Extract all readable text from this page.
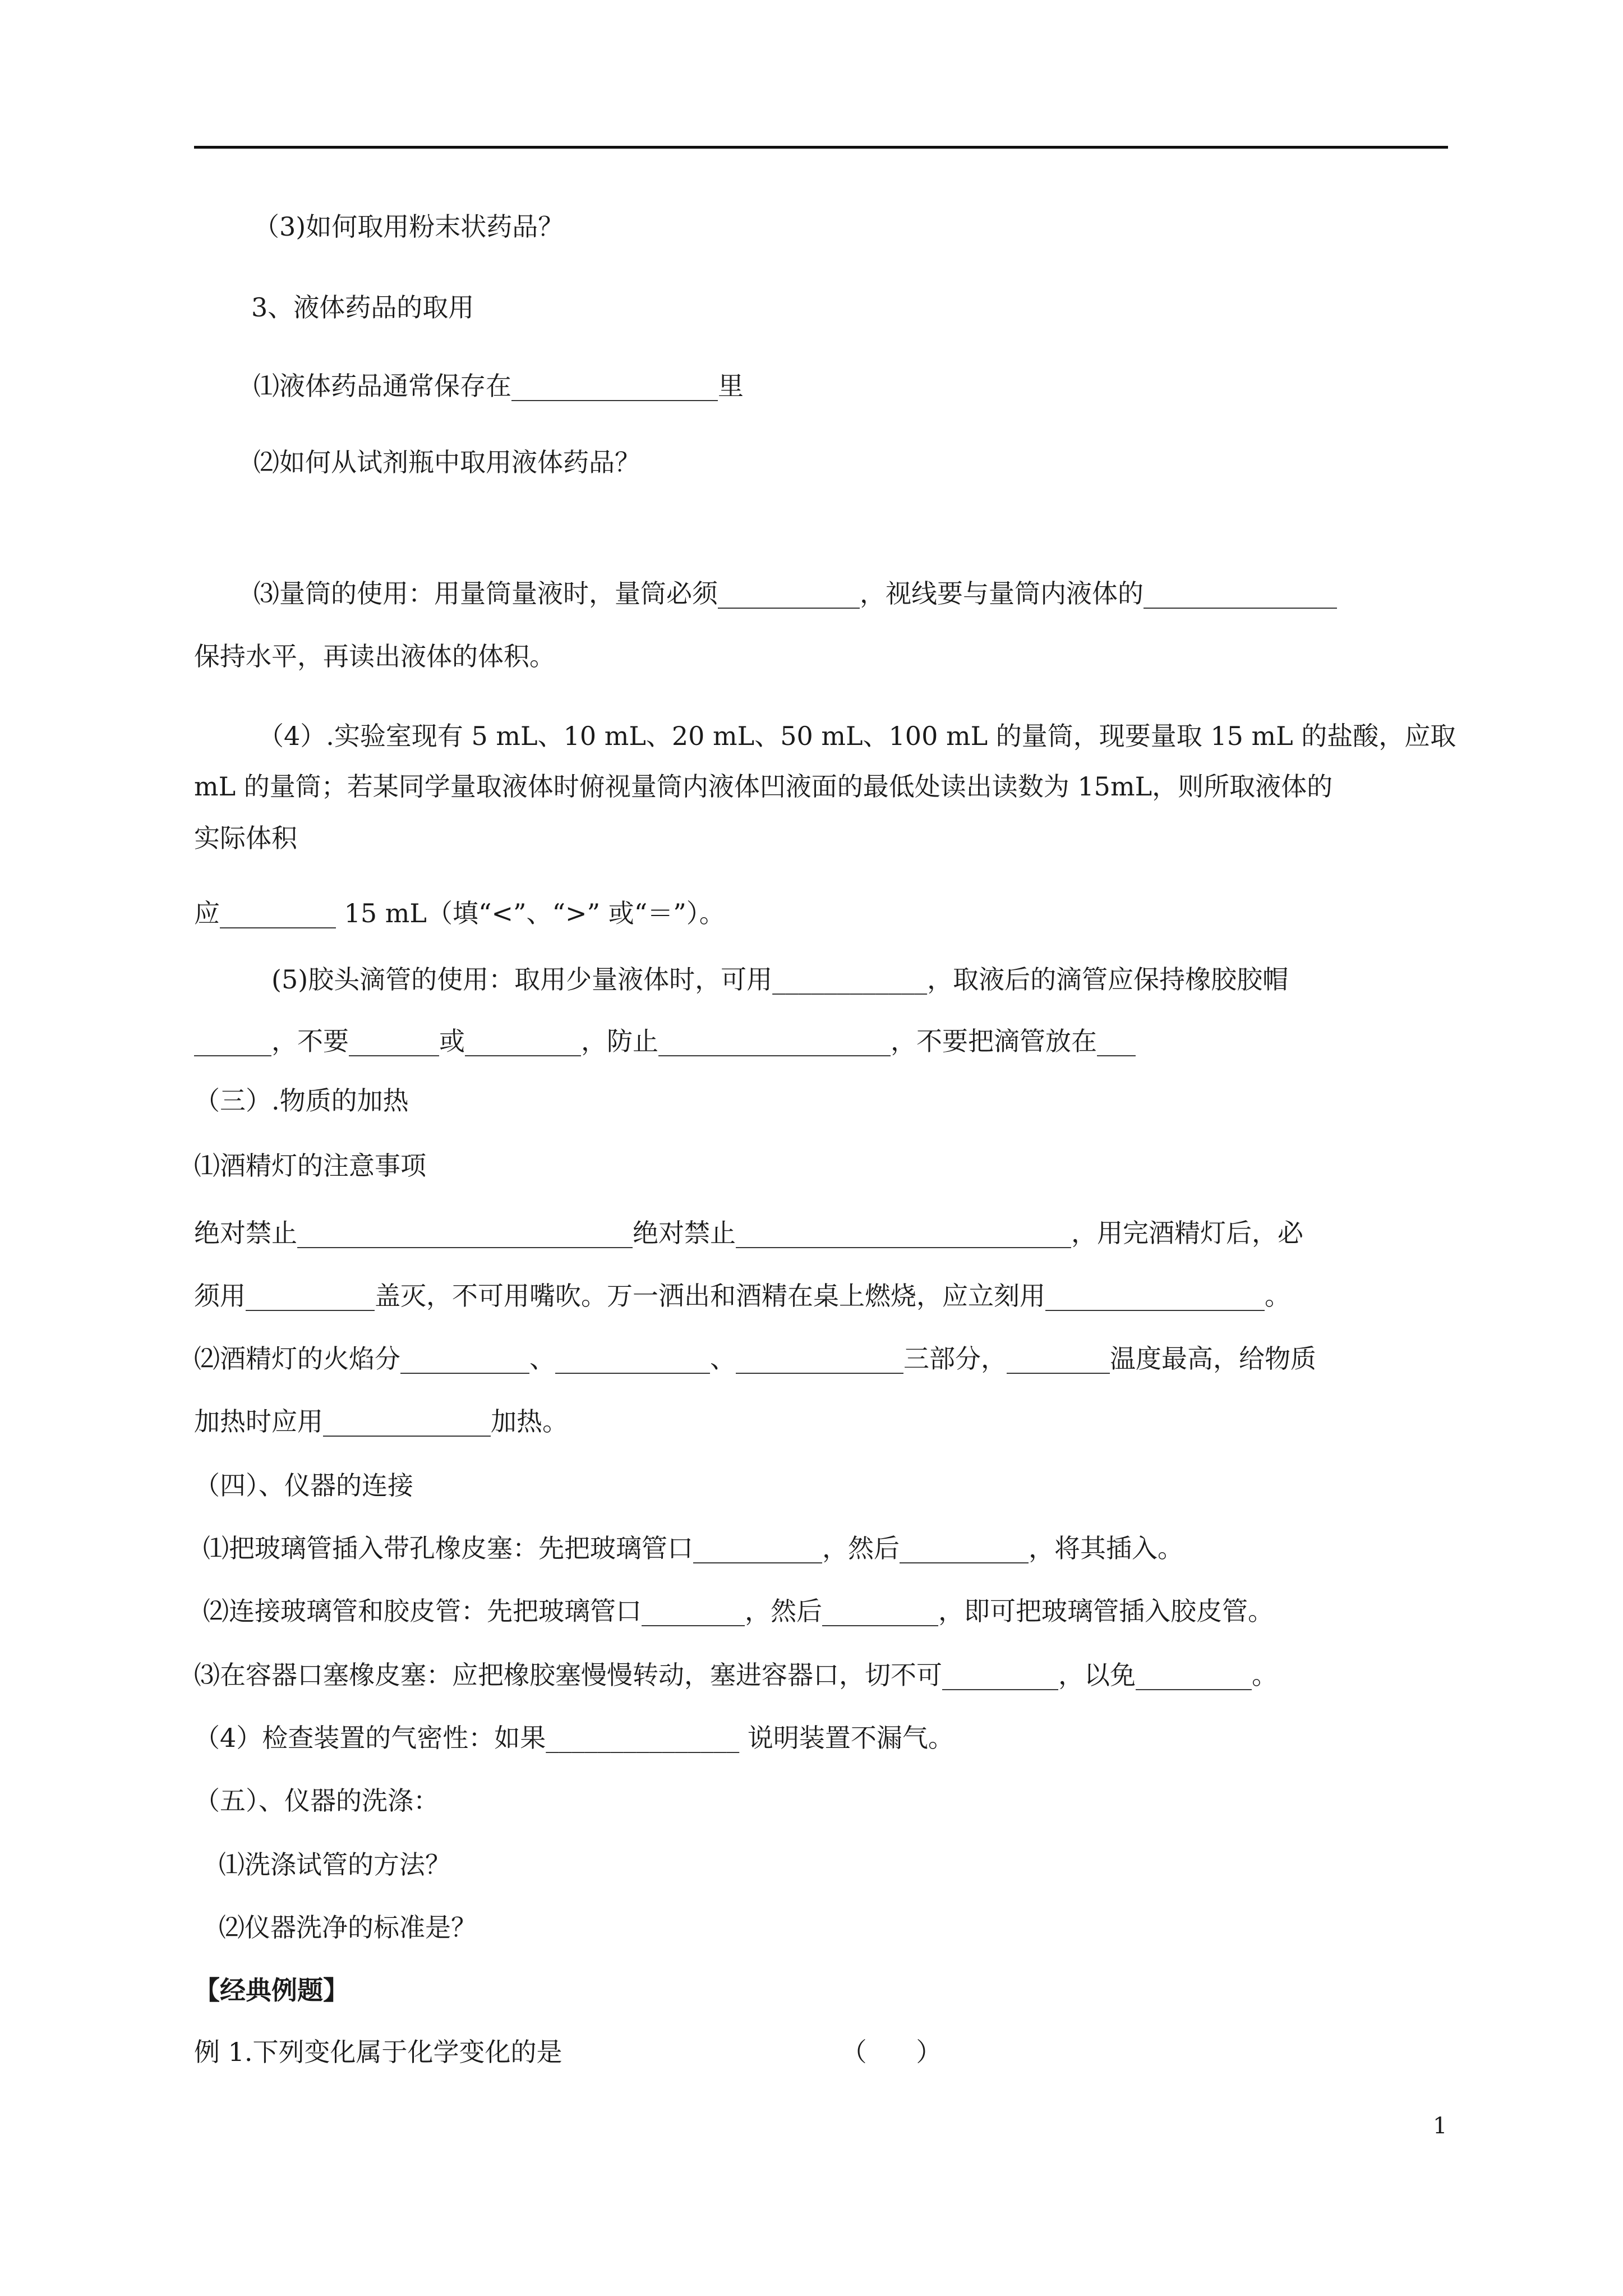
（3)如何取用粉末状药品？
3、液体药品的取用
⑴液体药品通常保存在________________里
⑵如何从试剂瓶中取用液体药品？
⑶量筒的使用：用量筒量液时，量筒必须___________，视线要与量筒内液体的_______________
保持水平，再读出液体的体积。
（4）.实验室现有 5 mL、10 mL、20 mL、50 mL、100 mL 的量筒，现要量取 15 mL 的盐酸，应取
mL 的量筒；若某同学量取液体时俯视量筒内液体凹液面的最低处读出读数为 15mL，则所取液体的
实际体积
应_________ 15 mL（填“<”、“>” 或“＝”）。
(5)胶头滴管的使用：取用少量液体时，可用____________，取液后的滴管应保持橡胶胶帽
______，不要_______或_________，防止__________________，不要把滴管放在___
（三）.物质的加热
⑴酒精灯的注意事项
绝对禁止__________________________绝对禁止__________________________，用完酒精灯后，必
须用__________盖灭，不可用嘴吹。万一洒出和酒精在桌上燃烧，应立刻用_________________。
⑵酒精灯的火焰分__________、____________、_____________三部分，________温度最高，给物质
加热时应用_____________加热。
（四）、仪器的连接
⑴把玻璃管插入带孔橡皮塞：先把玻璃管口__________，然后__________，将其插入。
⑵连接玻璃管和胶皮管：先把玻璃管口________，然后_________，即可把玻璃管插入胶皮管。
⑶在容器口塞橡皮塞：应把橡胶塞慢慢转动，塞进容器口，切不可_________，以免_________。
（4）检查装置的气密性：如果_______________ 说明装置不漏气。
（五）、仪器的洗涤：
⑴洗涤试管的方法？
⑵仪器洗净的标准是？
【经典例题】
例 1.下列变化属于化学变化的是                                  （      ）
1
